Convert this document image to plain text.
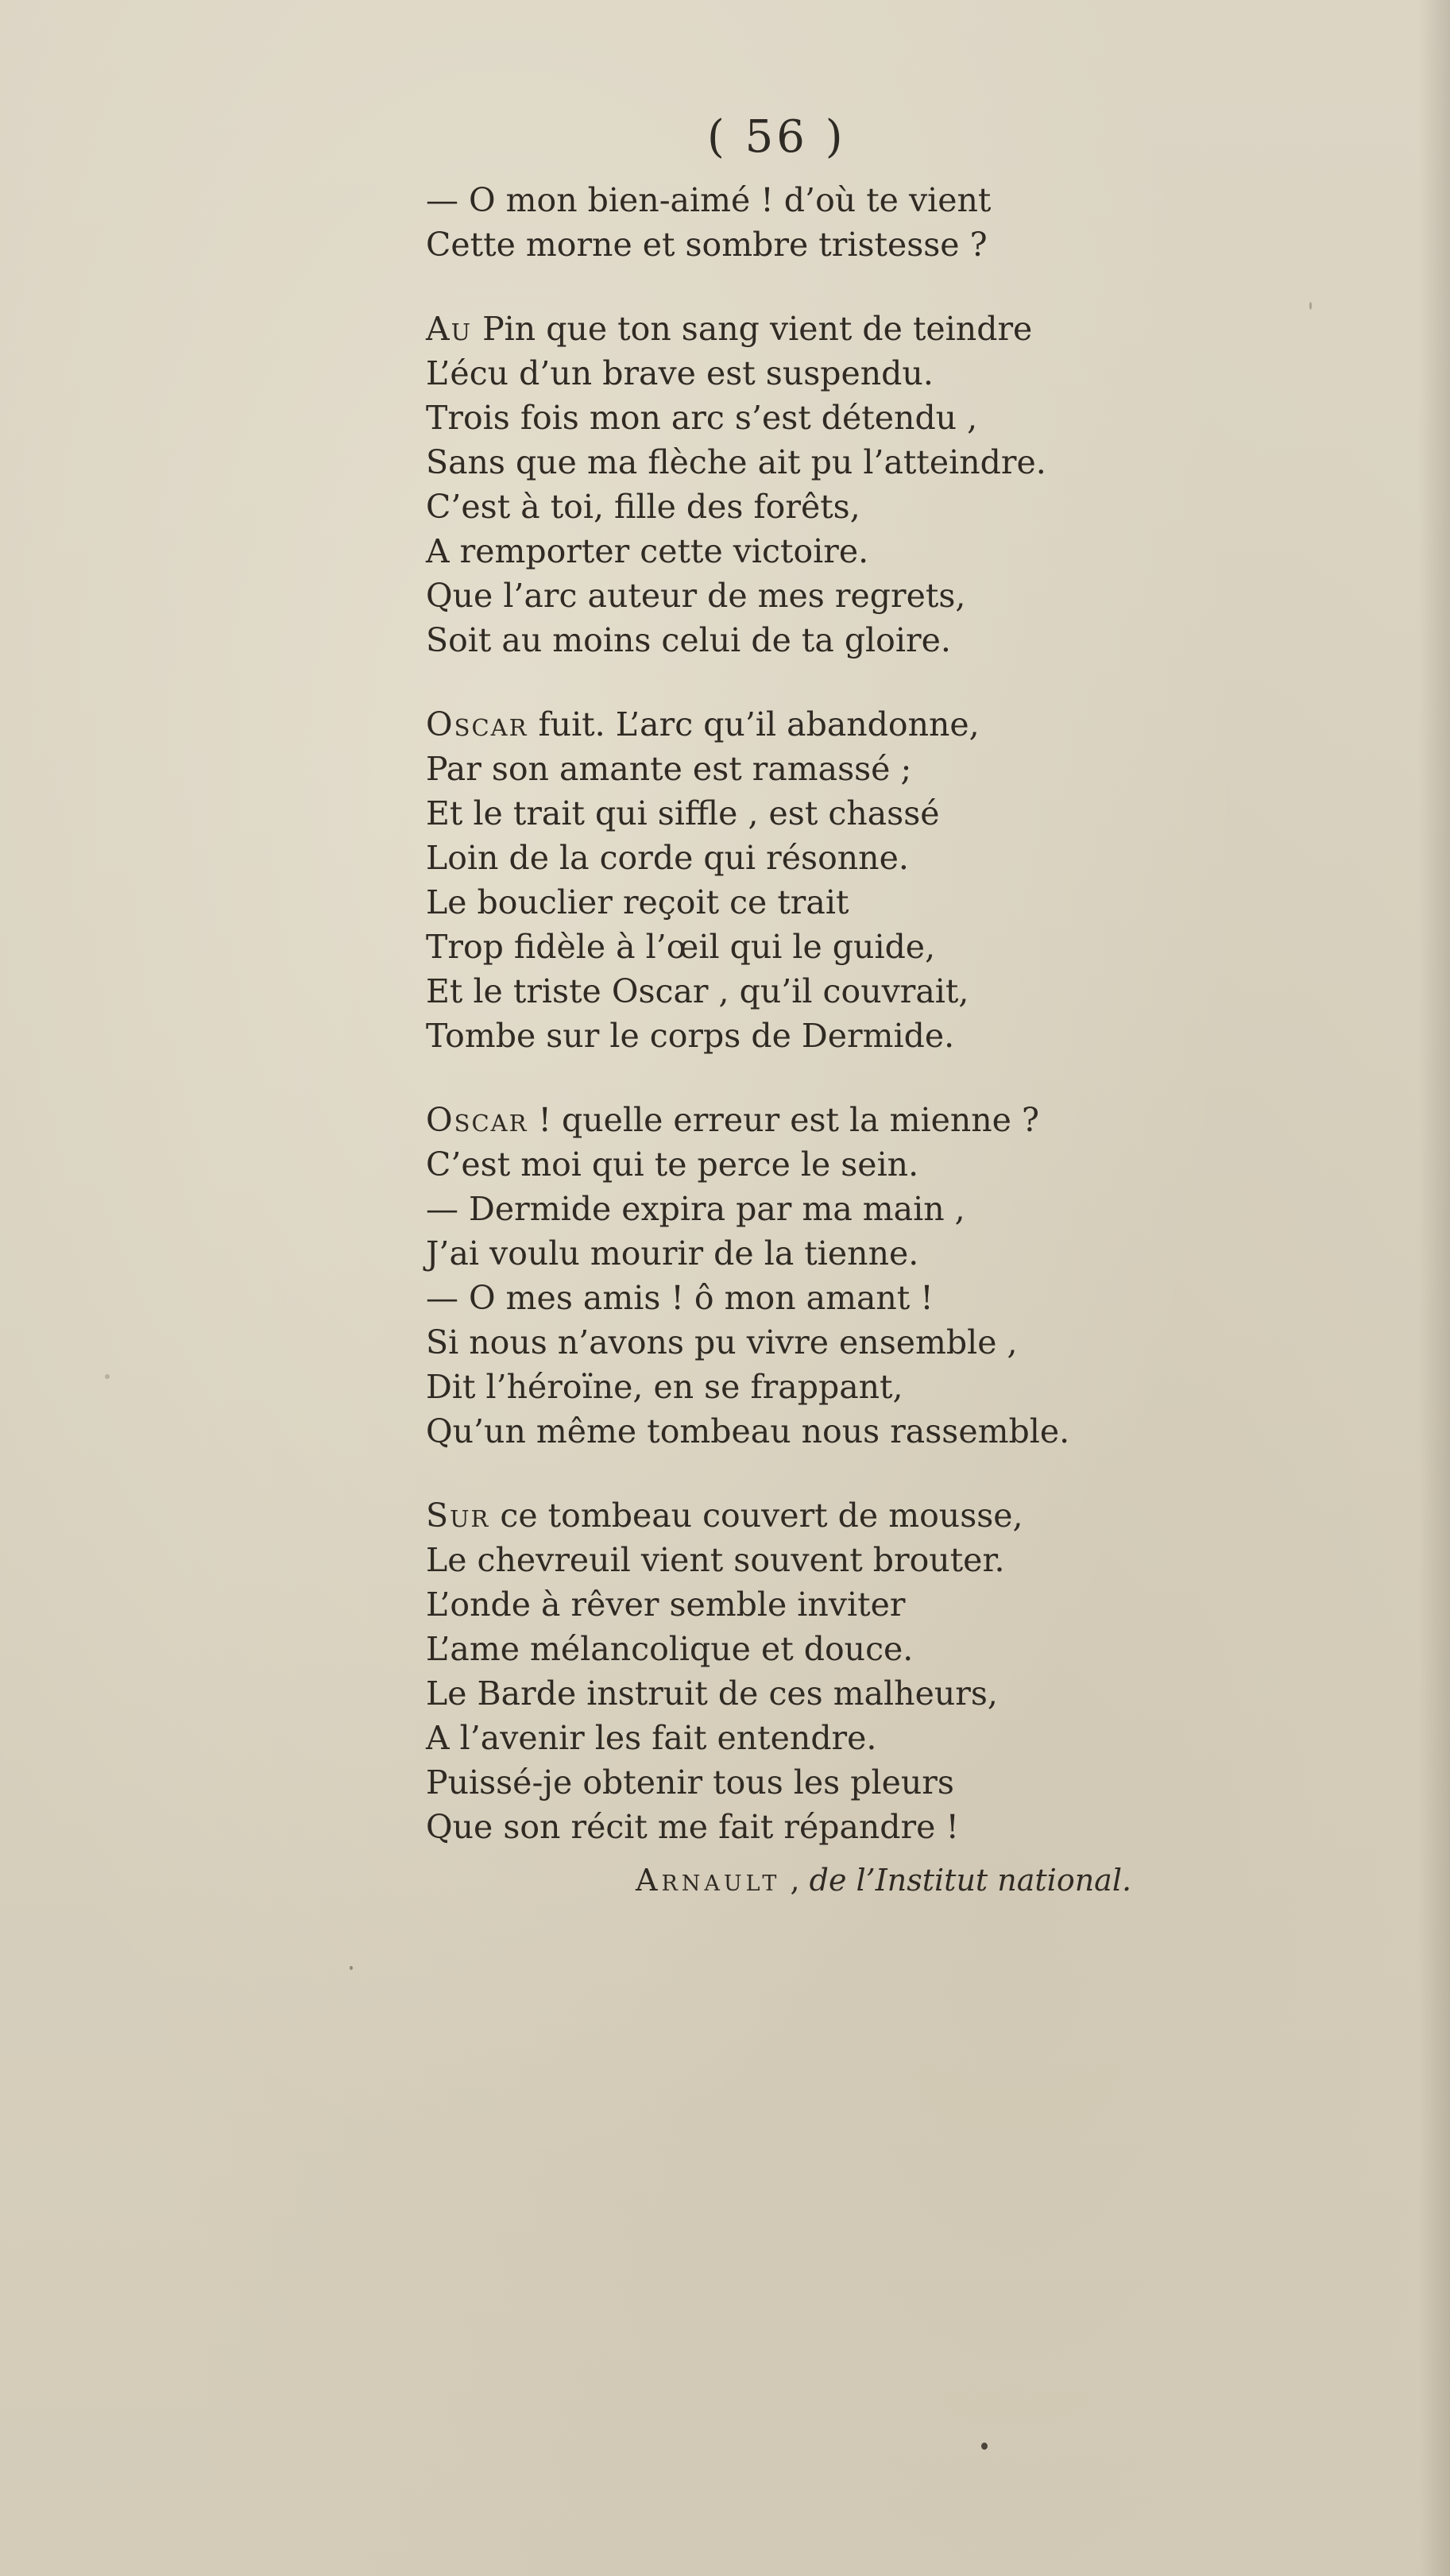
( 56 )
— O mon bien-aimé ! d’où te vient
Cette morne et sombre tristesse ?
Au Pin que ton sang vient de teindre
L’écu d’un brave est suspendu.
Trois fois mon arc s’est détendu ,
Sans que ma flèche ait pu l’atteindre.
C’est à toi, fille des forêts,
A remporter cette victoire.
Que l’arc auteur de mes regrets,
Soit au moins celui de ta gloire.
Oscar fuit. L’arc qu’il abandonne,
Par son amante est ramassé ;
Et le trait qui siffle , est chassé
Loin de la corde qui résonne.
Le bouclier reçoit ce trait
Trop fidèle à l’œil qui le guide,
Et le triste Oscar , qu’il couvrait,
Tombe sur le corps de Dermide.
Oscar ! quelle erreur est la mienne ?
C’est moi qui te perce le sein.
— Dermide expira par ma main ,
J’ai voulu mourir de la tienne.
— O mes amis ! ô mon amant !
Si nous n’avons pu vivre ensemble ,
Dit l’héroïne, en se frappant,
Qu’un même tombeau nous rassemble.
Sur ce tombeau couvert de mousse,
Le chevreuil vient souvent brouter.
L’onde à rêver semble inviter
L’ame mélancolique et douce.
Le Barde instruit de ces malheurs,
A l’avenir les fait entendre.
Puissé-je obtenir tous les pleurs
Que son récit me fait répandre !
Arnault , de l’Institut national.
